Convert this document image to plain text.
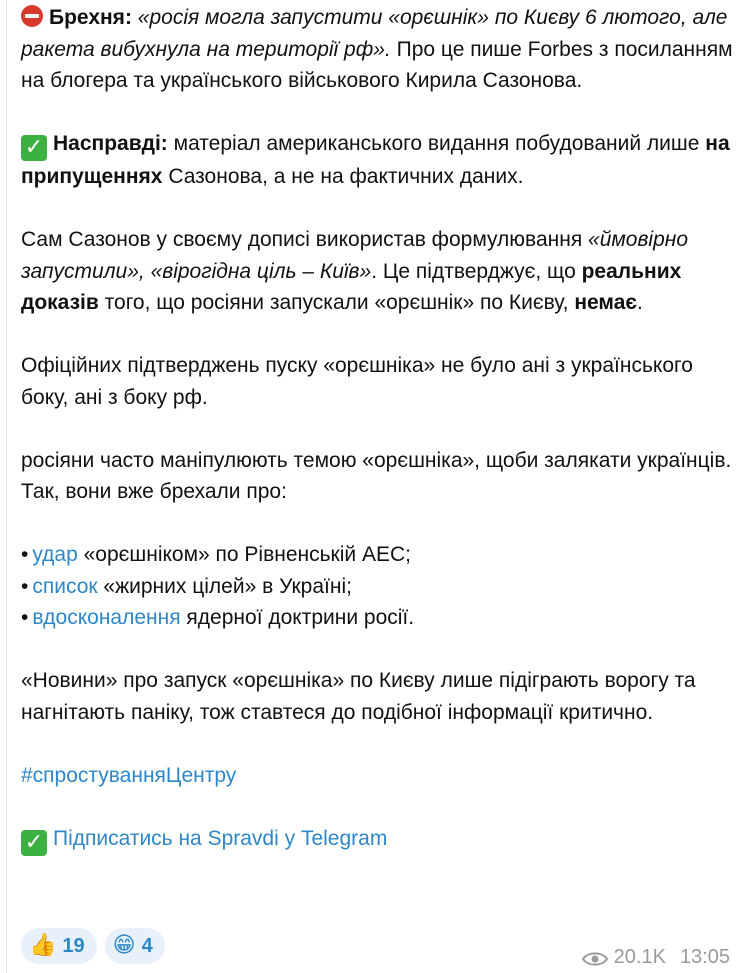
Брехня: «росія могла запустити «орєшнік» по Києву 6 лютого, але ракета вибухнула на території рф». Про це пише Forbes з посиланням на блогера та українського військового Кирила Сазонова.

✓ Насправді: матеріал американського видання побудований лише на припущеннях Сазонова, а не на фактичних даних.

Сам Сазонов у своєму дописі використав формулювання «ймовірно запустили», «вірогідна ціль – Київ». Це підтверджує, що реальних доказів того, що росіяни запускали «орєшнік» по Києву, немає.

Офіційних підтверджень пуску «орєшніка» не було ані з українського боку, ані з боку рф.

росіяни часто маніпулюють темою «орєшніка», щоби залякати українців. Так, вони вже брехали про:

• удар «орєшніком» по Рівненській АЕС;
• список «жирних цілей» в Україні;
• вдосконалення ядерної доктрини росії.

«Новини» про запуск «орєшніка» по Києву лише підіграють ворогу та нагнітають паніку, тож ставтеся до подібної інформації критично.

#спростуванняЦентру

✓ Підписатись на Spravdi у Telegram

👍 19 😁 4
20.1K 13:05
